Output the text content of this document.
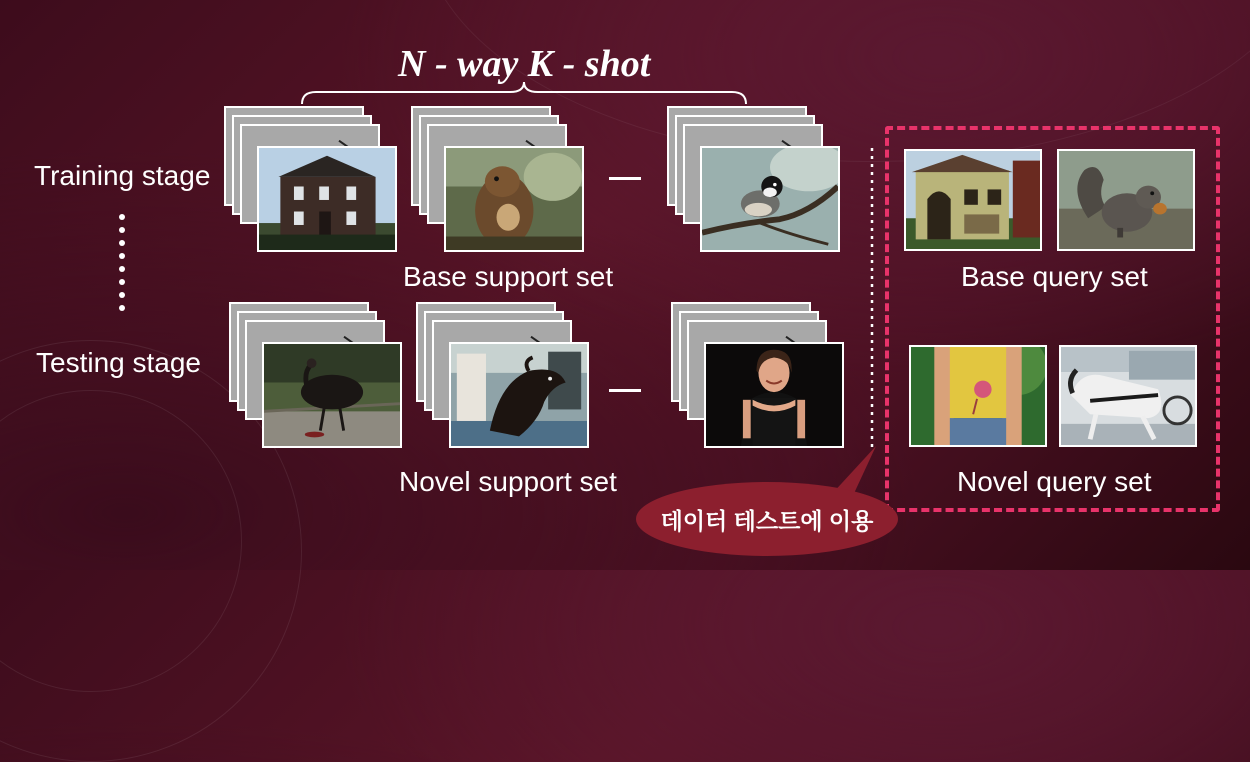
N - way K - shot
Training stage
Testing stage
Base support set
Novel support set
Base query set
Novel query set
데이터 테스트에 이용
